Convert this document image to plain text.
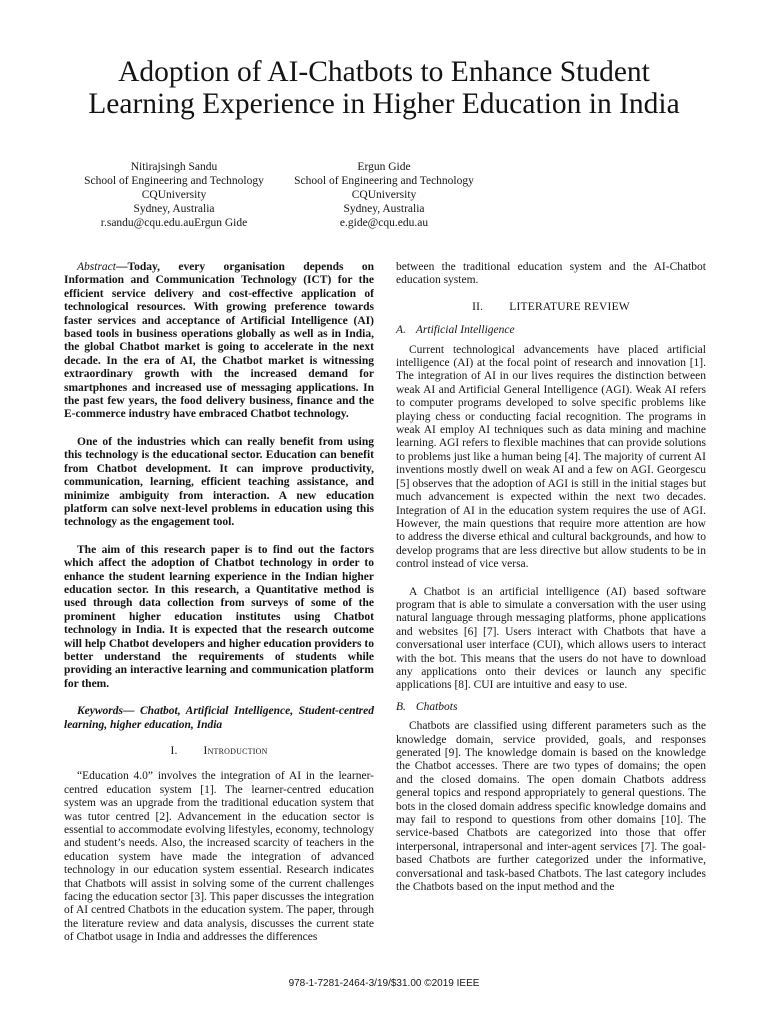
Adoption of AI-Chatbots to Enhance Student
Learning Experience in Higher Education in India
Nitirajsingh Sandu
School of Engineering and Technology
CQUniversity
Sydney, Australia
r.sandu@cqu.edu.auErgun Gide
Ergun Gide
School of Engineering and Technology
CQUniversity
Sydney, Australia
e.gide@cqu.edu.au

Abstract—Today, every organisation depends on Information and Communication Technology (ICT) for the efficient service delivery and cost-effective application of technological resources. With growing preference towards faster services and acceptance of Artificial Intelligence (AI) based tools in business operations globally as well as in India, the global Chatbot market is going to accelerate in the next decade. In the era of AI, the Chatbot market is witnessing extraordinary growth with the increased demand for smartphones and increased use of messaging applications. In the past few years, the food delivery business, finance and the E-commerce industry have embraced Chatbot technology.

One of the industries which can really benefit from using this technology is the educational sector. Education can benefit from Chatbot development. It can improve productivity, communication, learning, efficient teaching assistance, and minimize ambiguity from interaction. A new education platform can solve next-level problems in education using this technology as the engagement tool.

The aim of this research paper is to find out the factors which affect the adoption of Chatbot technology in order to enhance the student learning experience in the Indian higher education sector. In this research, a Quantitative method is used through data collection from surveys of some of the prominent higher education institutes using Chatbot technology in India. It is expected that the research outcome will help Chatbot developers and higher education providers to better understand the requirements of students while providing an interactive learning and communication platform for them.

Keywords— Chatbot, Artificial Intelligence, Student-centred learning, higher education, India

I. Introduction

“Education 4.0” involves the integration of AI in the learner-centred education system [1]. The learner-centred education system was an upgrade from the traditional education system that was tutor centred [2]. Advancement in the education sector is essential to accommodate evolving lifestyles, economy, technology and student’s needs. Also, the increased scarcity of teachers in the education system have made the integration of advanced technology in our education system essential. Research indicates that Chatbots will assist in solving some of the current challenges facing the education sector [3]. This paper discusses the integration of AI centred Chatbots in the education system. The paper, through the literature review and data analysis, discusses the current state of Chatbot usage in India and addresses the differences

between the traditional education system and the AI-Chatbot education system.

II. LITERATURE REVIEW
A. Artificial Intelligence

Current technological advancements have placed artificial intelligence (AI) at the focal point of research and innovation [1]. The integration of AI in our lives requires the distinction between weak AI and Artificial General Intelligence (AGI). Weak AI refers to computer programs developed to solve specific problems like playing chess or conducting facial recognition. The programs in weak AI employ AI techniques such as data mining and machine learning. AGI refers to flexible machines that can provide solutions to problems just like a human being [4]. The majority of current AI inventions mostly dwell on weak AI and a few on AGI. Georgescu [5] observes that the adoption of AGI is still in the initial stages but much advancement is expected within the next two decades. Integration of AI in the education system requires the use of AGI. However, the main questions that require more attention are how to address the diverse ethical and cultural backgrounds, and how to develop programs that are less directive but allow students to be in control instead of vice versa.

A Chatbot is an artificial intelligence (AI) based software program that is able to simulate a conversation with the user using natural language through messaging platforms, phone applications and websites [6] [7]. Users interact with Chatbots that have a conversational user interface (CUI), which allows users to interact with the bot. This means that the users do not have to download any applications onto their devices or launch any specific applications [8]. CUI are intuitive and easy to use.

B. Chatbots

Chatbots are classified using different parameters such as the knowledge domain, service provided, goals, and responses generated [9]. The knowledge domain is based on the knowledge the Chatbot accesses. There are two types of domains; the open and the closed domains. The open domain Chatbots address general topics and respond appropriately to general questions. The bots in the closed domain address specific knowledge domains and may fail to respond to questions from other domains [10]. The service-based Chatbots are categorized into those that offer interpersonal, intrapersonal and inter-agent services [7]. The goal-based Chatbots are further categorized under the informative, conversational and task-based Chatbots. The last category includes the Chatbots based on the input method and the

978-1-7281-2464-3/19/$31.00 ©2019 IEEE
